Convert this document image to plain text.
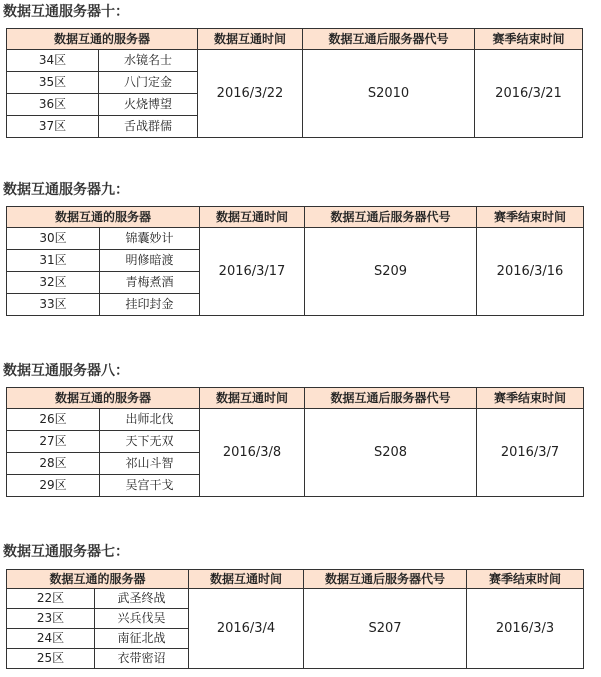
数据互通服务器十：
数据互通的服务器		数据互通时间	数据互通后服务器代号	赛季结束时间
34区	水镜名士	2016/3/22	S2010	2016/3/21
35区	八门定金			
36区	火烧博望			
37区	舌战群儒			
数据互通服务器九：
数据互通的服务器		数据互通时间	数据互通后服务器代号	赛季结束时间
30区	锦囊妙计	2016/3/17	S209	2016/3/16
31区	明修暗渡			
32区	青梅煮酒			
33区	挂印封金			
数据互通服务器八：
数据互通的服务器		数据互通时间	数据互通后服务器代号	赛季结束时间
26区	出师北伐	2016/3/8	S208	2016/3/7
27区	天下无双			
28区	祁山斗智			
29区	吴宫干戈			
数据互通服务器七：
数据互通的服务器		数据互通时间	数据互通后服务器代号	赛季结束时间
22区	武圣终战	2016/3/4	S207	2016/3/3
23区	兴兵伐吴			
24区	南征北战			
25区	衣带密诏			
